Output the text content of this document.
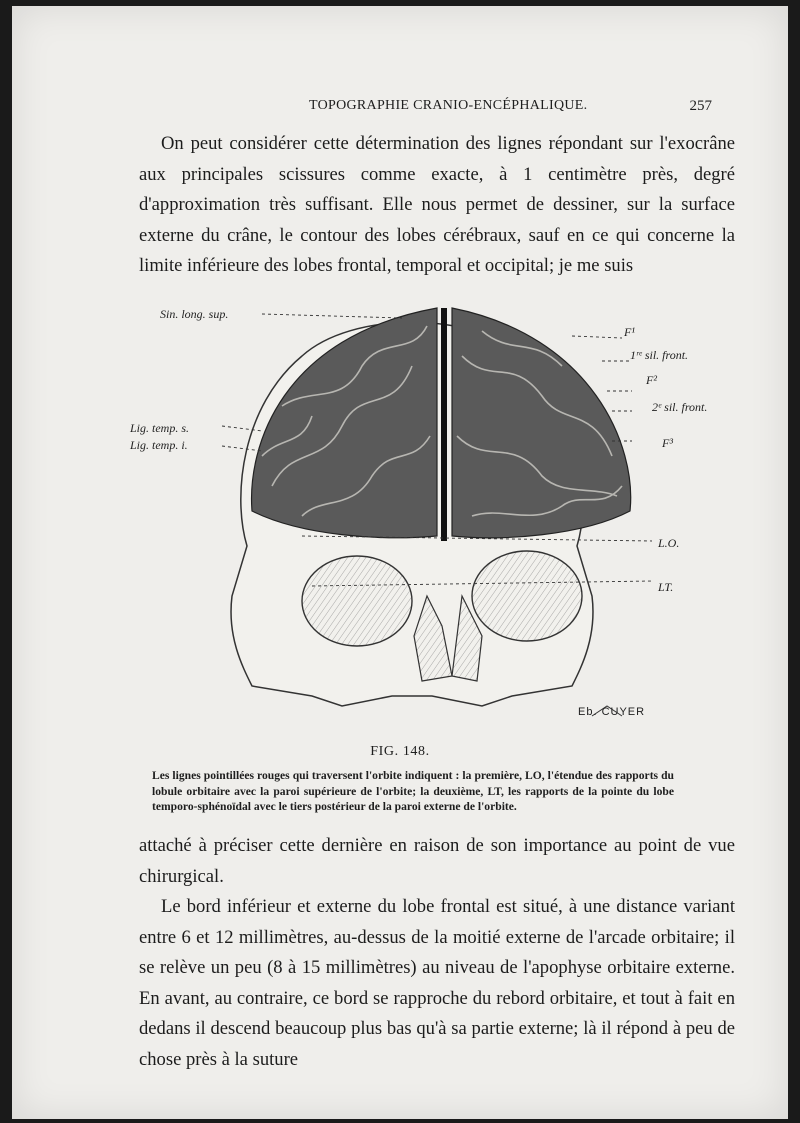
TOPOGRAPHIE CRANIO-ENCÉPHALIQUE.	257

On peut considérer cette détermination des lignes répondant sur l'exocrâne aux principales scissures comme exacte, à 1 centimètre près, degré d'approximation très suffisant. Elle nous permet de dessiner, sur la surface externe du crâne, le contour des lobes cérébraux, sauf en ce qui concerne la limite inférieure des lobes frontal, temporal et occipital; je me suis

Sin. long. sup.
Lig. temp. s.
Lig. temp. i.
F¹
1ʳᵉ sil. front.
F²
2ᵉ sil. front.
F³
L.O.
LT.
Eb. CUYER
FIG. 148.

Les lignes pointillées rouges qui traversent l'orbite indiquent : la première, LO, l'étendue des rapports du lobule orbitaire avec la paroi supérieure de l'orbite; la deuxième, LT, les rapports de la pointe du lobe temporo-sphénoïdal avec le tiers postérieur de la paroi externe de l'orbite.

attaché à préciser cette dernière en raison de son importance au point de vue chirurgical.

Le bord inférieur et externe du lobe frontal est situé, à une distance variant entre 6 et 12 millimètres, au-dessus de la moitié externe de l'arcade orbitaire; il se relève un peu (8 à 15 millimètres) au niveau de l'apophyse orbitaire externe. En avant, au contraire, ce bord se rapproche du rebord orbitaire, et tout à fait en dedans il descend beaucoup plus bas qu'à sa partie externe; là il répond à peu de chose près à la suture
